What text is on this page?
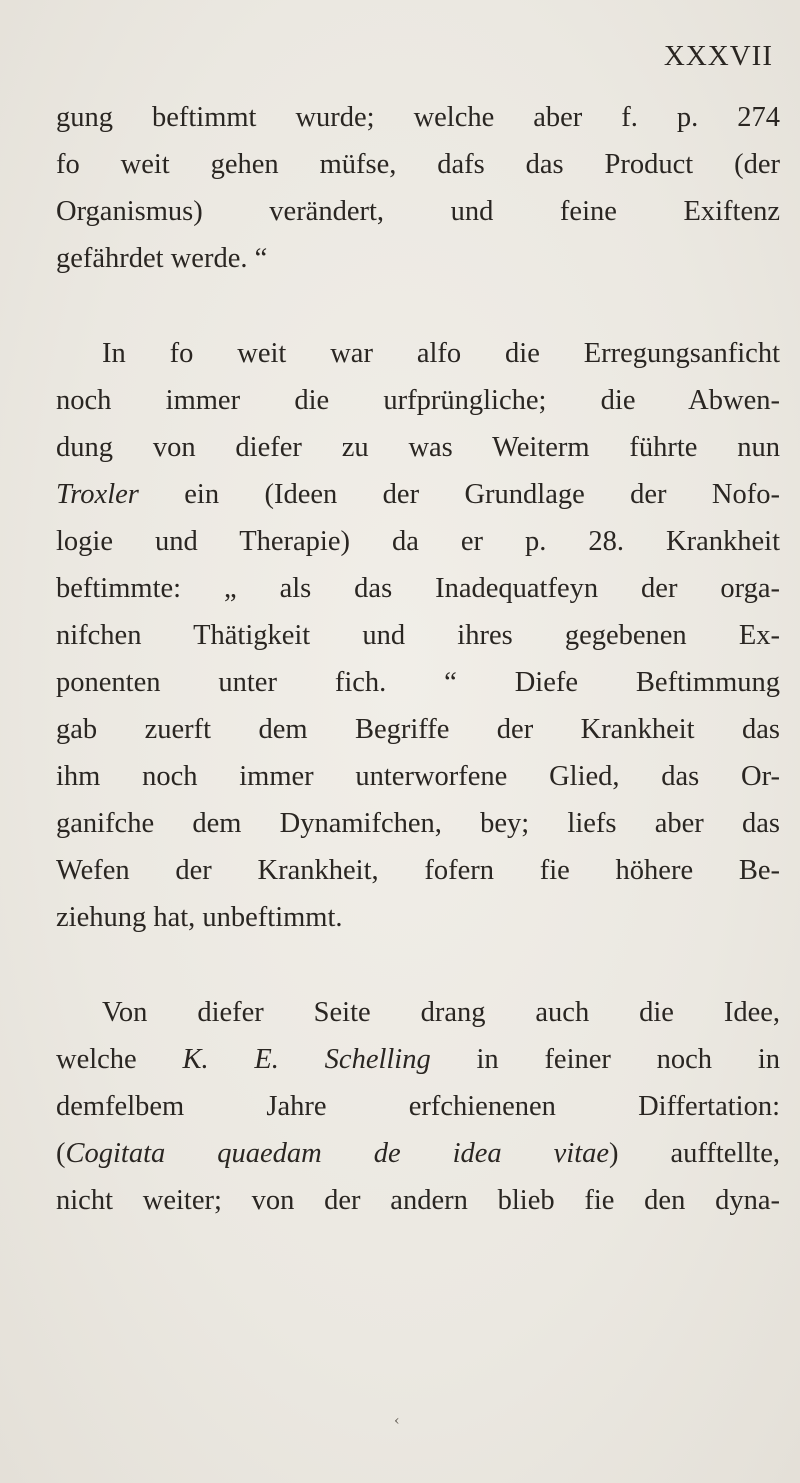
XXXVII
gung beftimmt wurde; welche aber f. p. 274
fo weit gehen müfse, dafs das Product (der
Organismus) verändert, und feine Exiftenz
gefährdet werde. “
In fo weit war alfo die Erregungsanficht
noch immer die urfprüngliche; die Abwen-
dung von diefer zu was Weiterm führte nun
Troxler ein (Ideen der Grundlage der Nofo-
logie und Therapie) da er p. 28. Krankheit
beftimmte: „ als das Inadequatfeyn der orga-
nifchen Thätigkeit und ihres gegebenen Ex-
ponenten unter fich. “ Diefe Beftimmung
gab zuerft dem Begriffe der Krankheit das
ihm noch immer unterworfene Glied, das Or-
ganifche dem Dynamifchen, bey; liefs aber das
Wefen der Krankheit, fofern fie höhere Be-
ziehung hat, unbeftimmt.
Von diefer Seite drang auch die Idee,
welche K. E. Schelling in feiner noch in
demfelbem Jahre erfchienenen Differtation:
(Cogitata quaedam de idea vitae) aufftellte,
nicht weiter; von der andern blieb fie den dyna-
‹
